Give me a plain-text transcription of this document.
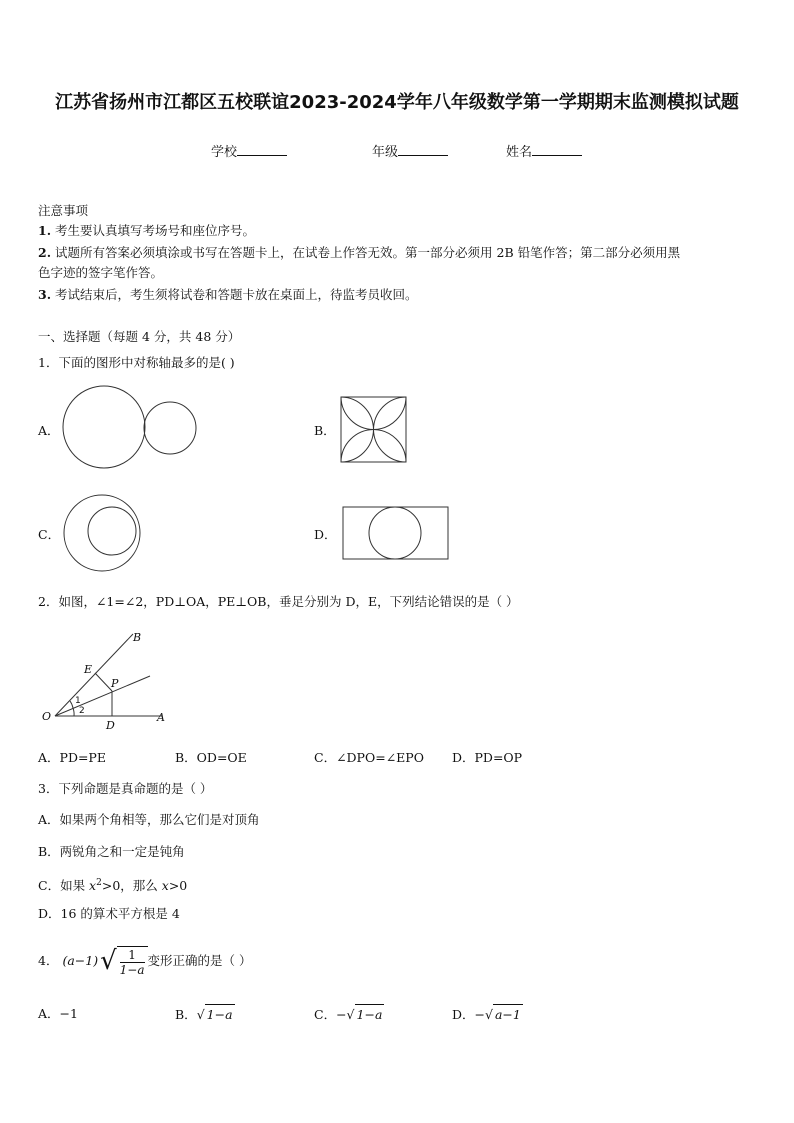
江苏省扬州市江都区五校联谊2023-2024学年八年级数学第一学期期末监测模拟试题
学校	年级	姓名
注意事项
1. 考生要认真填写考场号和座位序号。
2. 试题所有答案必须填涂或书写在答题卡上，在试卷上作答无效。第一部分必须用 2B 铅笔作答；第二部分必须用黑
色字迹的签字笔作答。
3. 考试结束后，考生须将试卷和答题卡放在桌面上，待监考员收回。
一、选择题（每题 4 分，共 48 分）
1．下面的图形中对称轴最多的是( )
A．	B．
C．	D．
2．如图，∠1=∠2，PD⊥OA，PE⊥OB，垂足分别为 D，E，下列结论错误的是（ ）
B
E
P
O
D
A
1
2
A．PD=PE	B．OD=OE	C．∠DPO=∠EPO D．PD=OP
3．下列命题是真命题的是（ ）
A．如果两个角相等，那么它们是对顶角
B．两锐角之和一定是钝角
C．如果 $x^2>0$，那么 x>0
D．16 的算术平方根是 4
4． (a−1) √ $\frac{1}{1-a}$ 变形正确的是（ ）
A．−1	B．√ 1−a	C．−√ 1−a	D．−√ a−1
